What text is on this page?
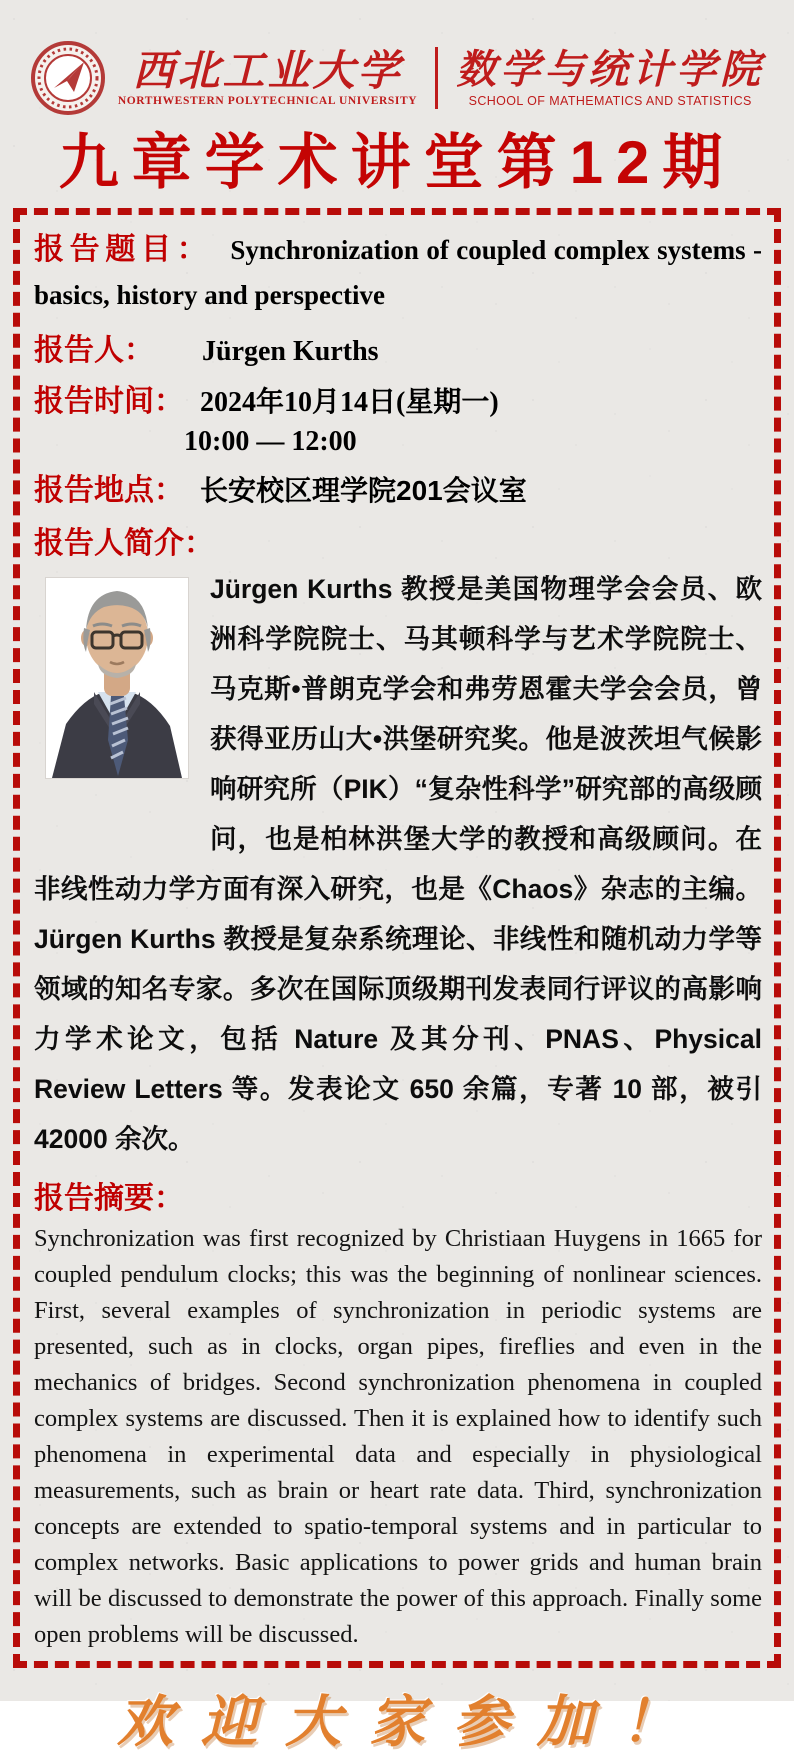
西北工业大学
NORTHWESTERN POLYTECHNICAL UNIVERSITY
数学与统计学院
SCHOOL OF MATHEMATICS AND STATISTICS
九章学术讲堂第12期

报告题目： Synchronization of coupled complex systems - basics, history and perspective

报告人： Jürgen Kurths
报告时间： 2024年10月14日(星期一)
10:00 — 12:00
报告地点： 长安校区理学院201会议室
报告人简介：
Jürgen Kurths 教授是美国物理学会会员、欧洲科学院院士、马其顿科学与艺术学院院士、马克斯•普朗克学会和弗劳恩霍夫学会会员，曾获得亚历山大•洪堡研究奖。他是波茨坦气候影响研究所（PIK）“复杂性科学”研究部的高级顾问，也是柏林洪堡大学的教授和高级顾问。在非线性动力学方面有深入研究，也是《Chaos》杂志的主编。Jürgen Kurths 教授是复杂系统理论、非线性和随机动力学等领域的知名专家。多次在国际顶级期刊发表同行评议的高影响力学术论文，包括 Nature 及其分刊、PNAS、Physical Review Letters 等。发表论文 650 余篇，专著 10 部，被引 42000 余次。
报告摘要：

Synchronization was first recognized by Christiaan Huygens in 1665 for coupled pendulum clocks; this was the beginning of nonlinear sciences. First, several examples of synchronization in periodic systems are presented, such as in clocks, organ pipes, fireflies and even in the mechanics of bridges. Second synchronization phenomena in coupled complex systems are discussed. Then it is explained how to identify such phenomena in experimental data and especially in physiological measurements, such as brain or heart rate data. Third, synchronization concepts are extended to spatio-temporal systems and in particular to complex networks. Basic applications to power grids and human brain will be discussed to demonstrate the power of this approach. Finally some open problems will be discussed.

欢迎大家参加！
